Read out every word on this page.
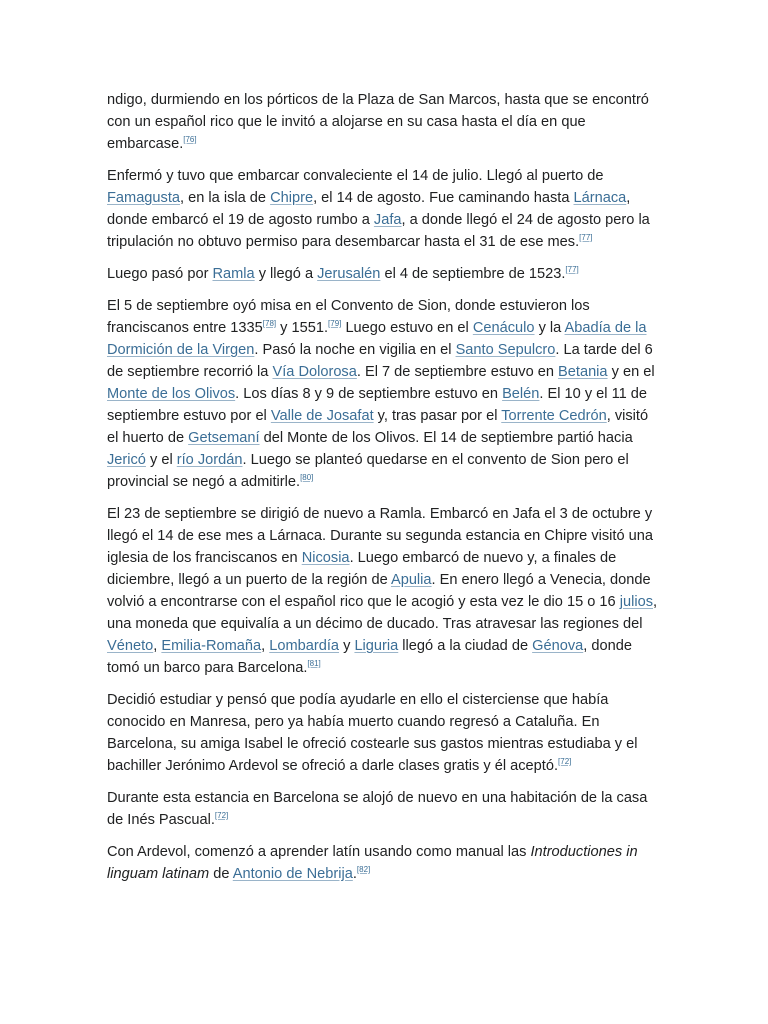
ndigo, durmiendo en los pórticos de la Plaza de San Marcos, hasta que se encontró con un español rico que le invitó a alojarse en su casa hasta el día en que embarcase.[76]

Enfermó y tuvo que embarcar convaleciente el 14 de julio. Llegó al puerto de Famagusta, en la isla de Chipre, el 14 de agosto. Fue caminando hasta Lárnaca, donde embarcó el 19 de agosto rumbo a Jafa, a donde llegó el 24 de agosto pero la tripulación no obtuvo permiso para desembarcar hasta el 31 de ese mes.[77]

Luego pasó por Ramla y llegó a Jerusalén el 4 de septiembre de 1523.[77]

El 5 de septiembre oyó misa en el Convento de Sion, donde estuvieron los franciscanos entre 1335[78] y 1551.[79] Luego estuvo en el Cenáculo y la Abadía de la Dormición de la Virgen. Pasó la noche en vigilia en el Santo Sepulcro. La tarde del 6 de septiembre recorrió la Vía Dolorosa. El 7 de septiembre estuvo en Betania y en el Monte de los Olivos. Los días 8 y 9 de septiembre estuvo en Belén. El 10 y el 11 de septiembre estuvo por el Valle de Josafat y, tras pasar por el Torrente Cedrón, visitó el huerto de Getsemaní del Monte de los Olivos. El 14 de septiembre partió hacia Jericó y el río Jordán. Luego se planteó quedarse en el convento de Sion pero el provincial se negó a admitirle.[80]

El 23 de septiembre se dirigió de nuevo a Ramla. Embarcó en Jafa el 3 de octubre y llegó el 14 de ese mes a Lárnaca. Durante su segunda estancia en Chipre visitó una iglesia de los franciscanos en Nicosia. Luego embarcó de nuevo y, a finales de diciembre, llegó a un puerto de la región de Apulia. En enero llegó a Venecia, donde volvió a encontrarse con el español rico que le acogió y esta vez le dio 15 o 16 julios, una moneda que equivalía a un décimo de ducado. Tras atravesar las regiones del Véneto, Emilia-Romaña, Lombardía y Liguria llegó a la ciudad de Génova, donde tomó un barco para Barcelona.[81]

Decidió estudiar y pensó que podía ayudarle en ello el cisterciense que había conocido en Manresa, pero ya había muerto cuando regresó a Cataluña. En Barcelona, su amiga Isabel le ofreció costearle sus gastos mientras estudiaba y el bachiller Jerónimo Ardevol se ofreció a darle clases gratis y él aceptó.[72]

Durante esta estancia en Barcelona se alojó de nuevo en una habitación de la casa de Inés Pascual.[72]

Con Ardevol, comenzó a aprender latín usando como manual las Introductiones in linguam latinam de Antonio de Nebrija.[82]
